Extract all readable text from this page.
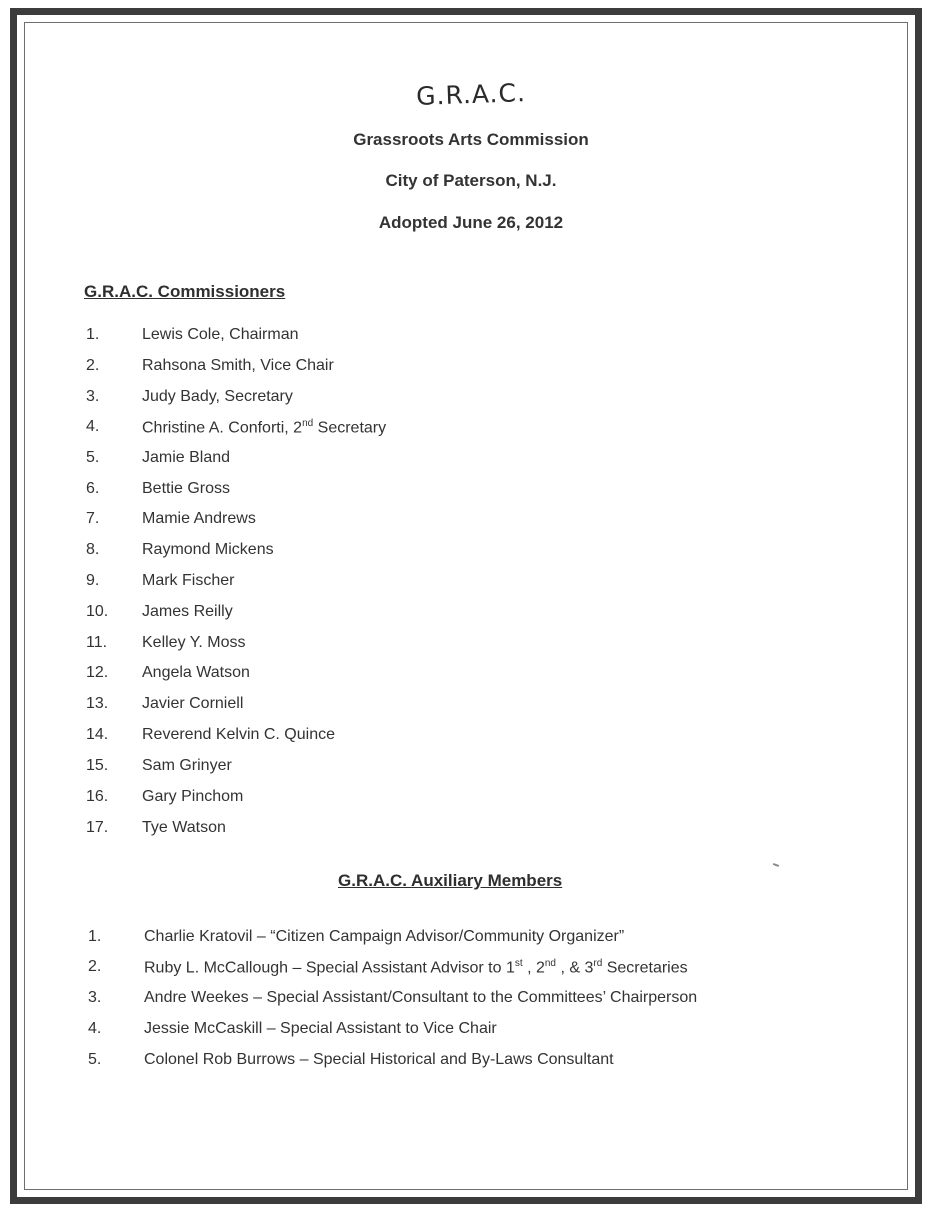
G.R.A.C.
Grassroots Arts Commission
City of Paterson, N.J.
Adopted June 26, 2012
G.R.A.C. Commissioners
1.	Lewis Cole, Chairman
2.	Rahsona Smith, Vice Chair
3.	Judy Bady, Secretary
4.	Christine A. Conforti, 2nd Secretary
5.	Jamie Bland
6.	Bettie Gross
7.	Mamie Andrews
8.	Raymond Mickens
9.	Mark Fischer
10. James Reilly
11. Kelley Y. Moss
12. Angela Watson
13. Javier Corniell
14. Reverend Kelvin C. Quince
15. Sam Grinyer
16. Gary Pinchom
17. Tye Watson
G.R.A.C. Auxiliary Members
1.	Charlie Kratovil – “Citizen Campaign Advisor/Community Organizer”
2.	Ruby L. McCallough – Special Assistant Advisor to 1st , 2nd , & 3rd Secretaries
3.	Andre Weekes – Special Assistant/Consultant to the Committees’ Chairperson
4.	Jessie McCaskill – Special Assistant to Vice Chair
5.	Colonel Rob Burrows – Special Historical and By-Laws Consultant
